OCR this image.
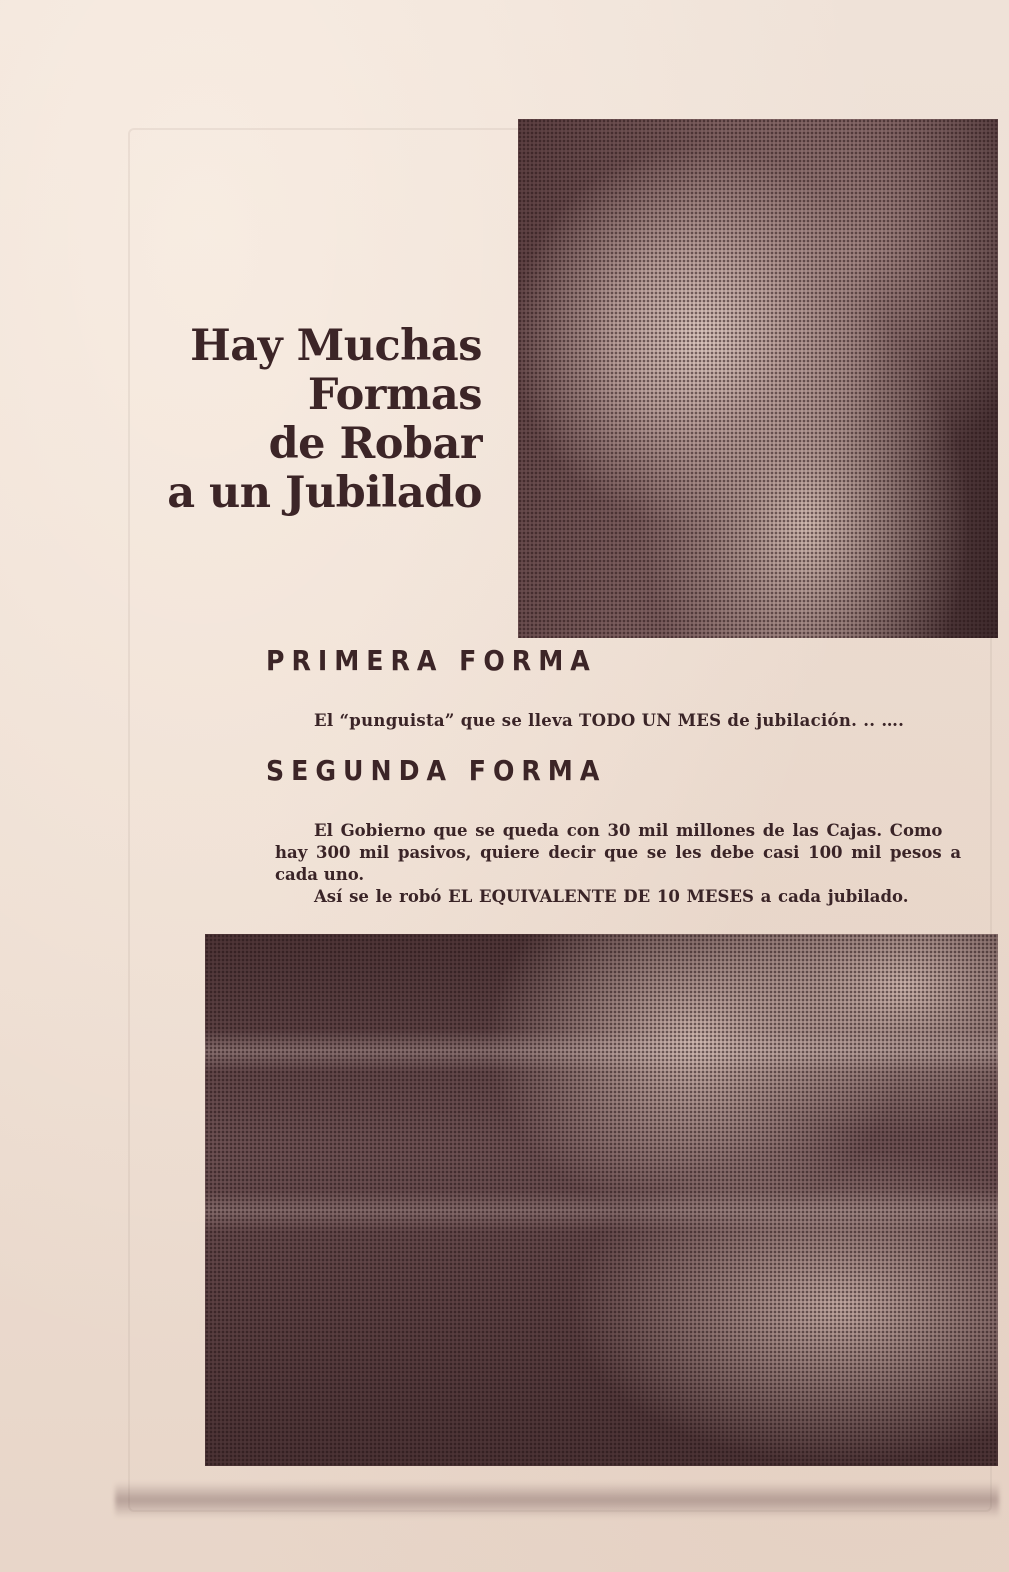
Hay Muchas
Formas
de Robar
a un Jubilado
PRIMERA FORMA
El “punguista” que se lleva TODO UN MES de jubilación. .. ….
SEGUNDA FORMA
El Gobierno que se queda con 30 mil millones de las Cajas. Como
hay 300 mil pasivos, quiere decir que se les debe casi 100 mil pesos a
cada uno.
Así se le robó EL EQUIVALENTE DE 10 MESES a cada jubilado.
